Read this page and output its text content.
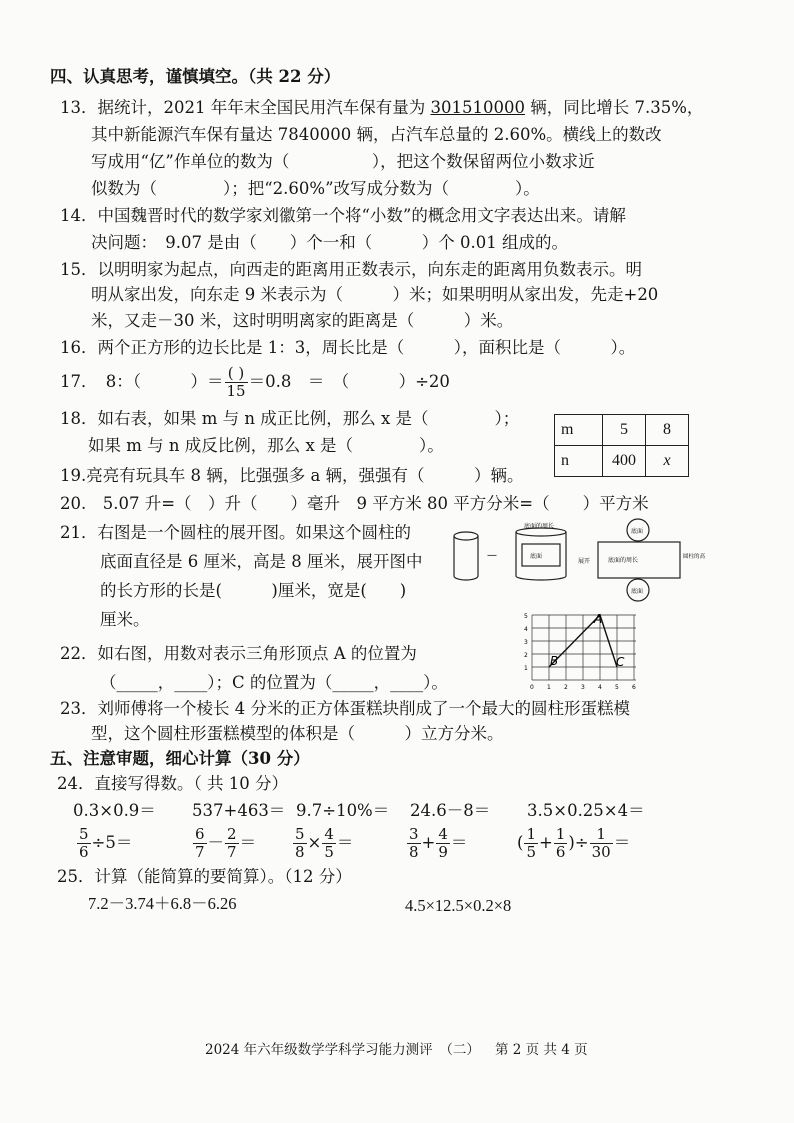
四、认真思考，谨慎填空。（共 22 分）
13．据统计，2021 年年末全国民用汽车保有量为 301510000 辆，同比增长 7.35%，
其中新能源汽车保有量达 7840000 辆，占汽车总量的 2.60%。横线上的数改
写成用“亿”作单位的数为（　　　　　），把这个数保留两位小数求近
似数为（　　　　）；把“2.60%”改写成分数为（　　　　）。
14．中国魏晋时代的数学家刘徽第一个将“小数”的概念用文字表达出来。请解
决问题：　9.07 是由（　　）个一和（　　　）个 0.01 组成的。
15．以明明家为起点，向西走的距离用正数表示，向东走的距离用负数表示。明
明从家出发，向东走 9 米表示为（　　　）米；如果明明从家出发，先走+20
米，又走－30 米，这时明明离家的距离是（　　　）米。
16．两个正方形的边长比是 1：3，周长比是（　　　），面积比是（　　　）。
17．　8：（　　　）＝ $\frac{( )}{15} =0.8$　＝　（　　　）÷20
18．如右表，如果 m 与 n 成正比例，那么 x 是（　　　　）；
如果 m 与 n 成反比例，那么 x 是（　　　　）。
m	5	8
n	400	x
19.亮亮有玩具车 8 辆，比强强多 a 辆，强强有（　　　）辆。
20.　5.07 升=（　）升（　　）毫升　9 平方米 80 平方分米=（　　）平方米
21．右图是一个圆柱的展开图。如果这个圆柱的
底面直径是 6 厘米，高是 8 厘米，展开图中
的长方形的长是(　　　)厘米，宽是(　　)
厘米。
—
底面的周长
底面
展开	底面的周长
底面
底面
圆柱的高
22．如右图，用数对表示三角形顶点 A 的位置为
（_____，____）；C 的位置为（_____，____）。
1
2
3
4
5
0 1 2 3 4 5 6
A
B	C
23．刘师傅将一个棱长 4 分米的正方体蛋糕块削成了一个最大的圆柱形蛋糕模
型，这个圆柱形蛋糕模型的体积是（　　　）立方分米。
五、注意审题，细心计算（30 分）
24．直接写得数。（ 共 10 分）
0.3×0.9＝ 537+463＝ 9.7÷10%＝ 24.6－8＝ 3.5×0.25×4＝
$\frac{5}{6} \div 5=$	$\frac{6}{7} - \frac{2}{7} = \frac{5}{8} \times \frac{4}{5}$ ＝	$\frac{3}{8} + \frac{4}{9}$ ＝	( $\frac{1}{5} + \frac{1}{6}$ )÷ $\frac{1}{30}$ ＝
25．计算（能简算的要简算）。（12 分）
7.2－3.74＋6.8－6.26	4.5×12.5×0.2×8
2024 年六年级数学学科学习能力测评　（二） 第 2 页 共 4 页
